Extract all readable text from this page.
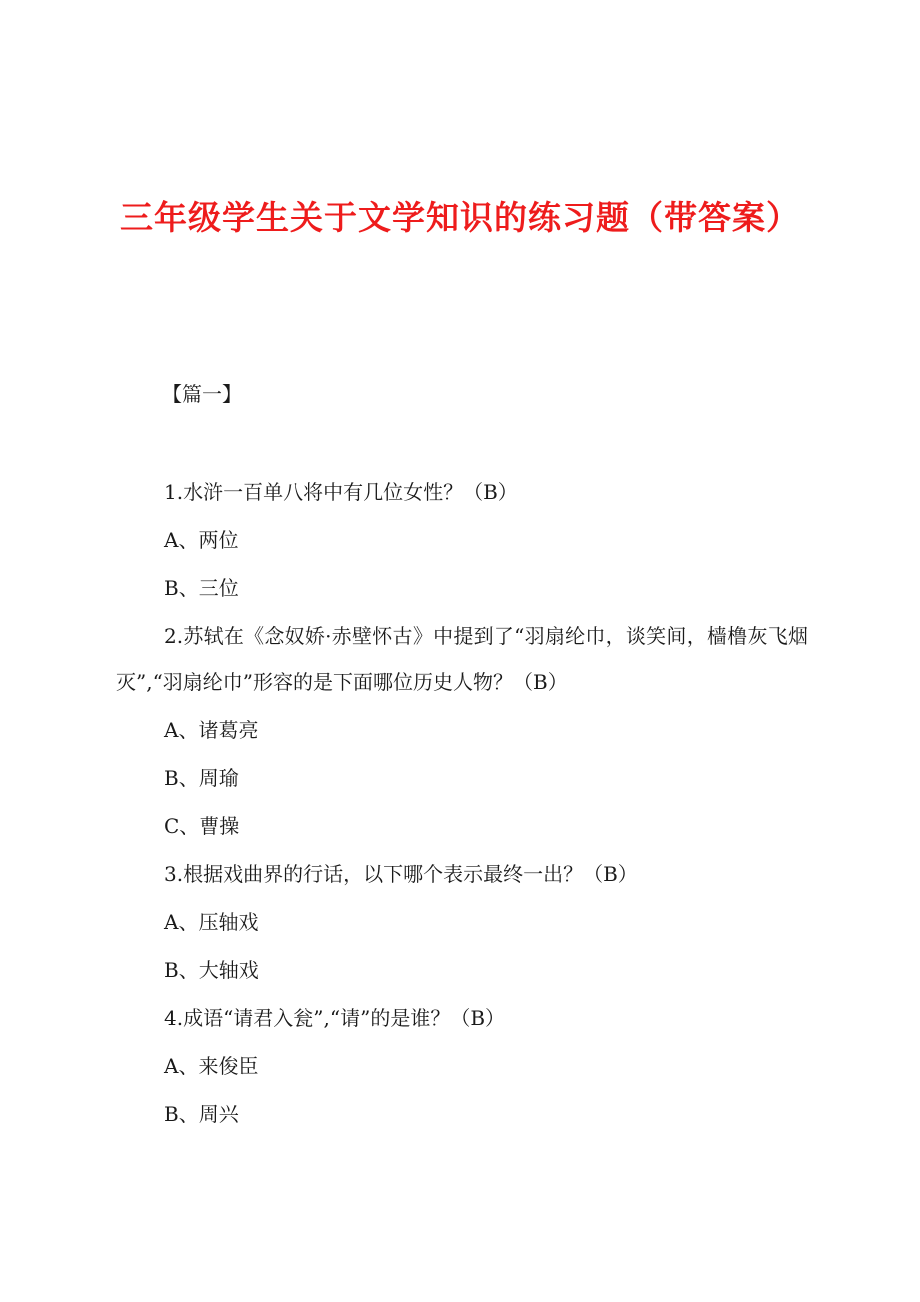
三年级学生关于文学知识的练习题（带答案）

【篇一】

1.水浒一百单八将中有几位女性？（B）

A、两位

B、三位

2.苏轼在《念奴娇·赤壁怀古》中提到了“羽扇纶巾，谈笑间，樯橹灰飞烟灭”,“羽扇纶巾”形容的是下面哪位历史人物？（B）

A、诸葛亮

B、周瑜

C、曹操

3.根据戏曲界的行话，以下哪个表示最终一出？（B）

A、压轴戏

B、大轴戏

4.成语“请君入瓮”,“请”的是谁？（B）

A、来俊臣

B、周兴
